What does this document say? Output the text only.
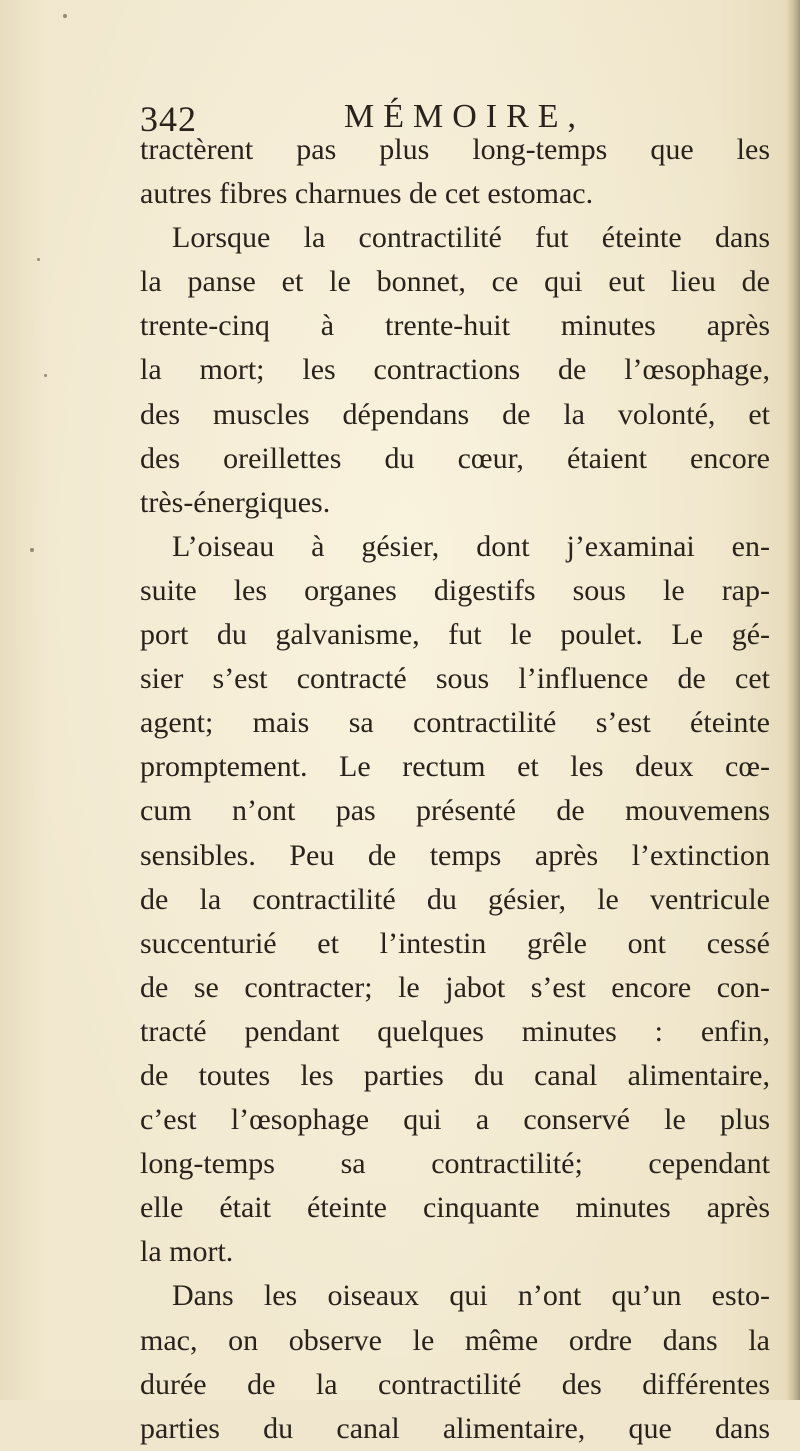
342	MÉMOIRE,
tractèrent pas plus long-temps que les
autres fibres charnues de cet estomac.
Lorsque la contractilité fut éteinte dans
la panse et le bonnet, ce qui eut lieu de
trente-cinq à trente-huit minutes après
la mort; les contractions de l’œsophage,
des muscles dépendans de la volonté, et
des oreillettes du cœur, étaient encore
très-énergiques.
L’oiseau à gésier, dont j’examinai en-
suite les organes digestifs sous le rap-
port du galvanisme, fut le poulet. Le gé-
sier s’est contracté sous l’influence de cet
agent; mais sa contractilité s’est éteinte
promptement. Le rectum et les deux cœ-
cum n’ont pas présenté de mouvemens
sensibles. Peu de temps après l’extinction
de la contractilité du gésier, le ventricule
succenturié et l’intestin grêle ont cessé
de se contracter; le jabot s’est encore con-
tracté pendant quelques minutes : enfin,
de toutes les parties du canal alimentaire,
c’est l’œsophage qui a conservé le plus
long-temps sa contractilité; cependant
elle était éteinte cinquante minutes après
la mort.
Dans les oiseaux qui n’ont qu’un esto-
mac, on observe le même ordre dans la
durée de la contractilité des différentes
parties du canal alimentaire, que dans
